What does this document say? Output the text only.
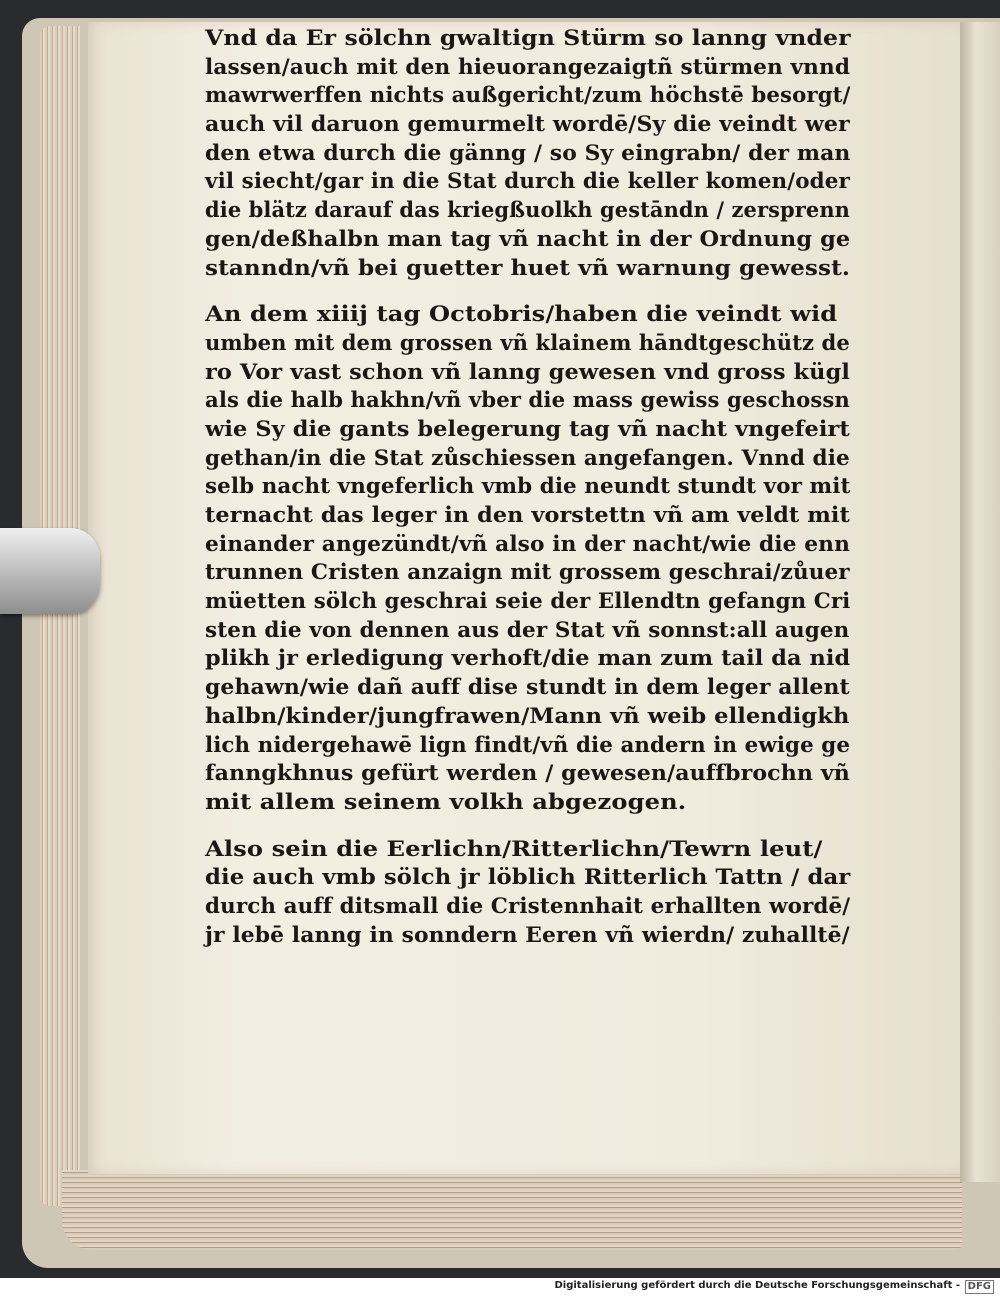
Vnd da Er sölchn gwaltign Stürm so lanng vnder
lassen/auch mit den hieuorangezaigtñ stürmen vnnd
mawrwerffen nichts außgericht/zum höchstē besorgt/
auch vil daruon gemurmelt wordē/Sy die veindt wer
den etwa durch die gänng / so Sy eingrabn/ der man
vil siecht/gar in die Stat durch die keller komen/oder
die blätz darauf das kriegßuolkh gestāndn / zersprenn
gen/deßhalbn man tag vñ nacht in der Ordnung ge
stanndn/vñ bei guetter huet vñ warnung gewesst.
An dem xiiij tag Octobris/haben die veindt wid
umben mit dem grossen vñ klainem hāndtgeschütz de
ro Vor vast schon vñ lanng gewesen vnd gross kügl
als die halb hakhn/vñ vber die mass gewiss geschossn
wie Sy die gants belegerung tag vñ nacht vngefeirt
gethan/in die Stat zůschiessen angefangen. Vnnd die
selb nacht vngeferlich vmb die neundt stundt vor mit
ternacht das leger in den vorstettn vñ am veldt mit
einander angezündt/vñ also in der nacht/wie die enn
trunnen Cristen anzaign mit grossem geschrai/zůuer
müetten sölch geschrai seie der Ellendtn gefangn Cri
sten die von dennen aus der Stat vñ sonnst:all augen
plikh jr erledigung verhoft/die man zum tail da nid
gehawn/wie dañ auff dise stundt in dem leger allent
halbn/kinder/jungfrawen/Mann vñ weib ellendigkh
lich nidergehawē lign findt/vñ die andern in ewige ge
fanngkhnus gefürt werden / gewesen/auffbrochn vñ
mit allem seinem volkh abgezogen.
Also sein die Eerlichn/Ritterlichn/Tewrn leut/
die auch vmb sölch jr löblich Ritterlich Tattn / dar
durch auff ditsmall die Cristennhait erhallten wordē/
jr lebē lanng in sonndern Eeren vñ wierdn/ zuhalltē/
Digitalisierung gefördert durch die Deutsche Forschungsgemeinschaft - DFG
